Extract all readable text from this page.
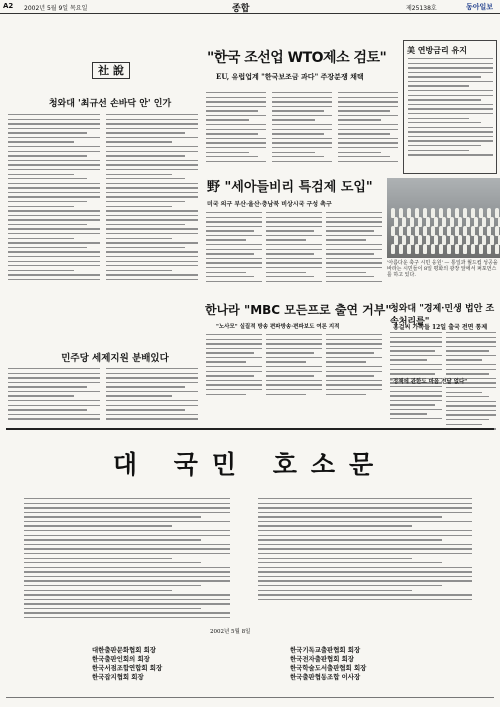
A2 2002년 5월 9일 목요일	종합	제25138호	동아일보
社 說
청와대 '최규선 손바닥 안' 인가
민주당 세제지원 분배있다
"한국 조선업 WTO제소 검토"
EU, 유럽업계 "한국보조금 과다" 주장분쟁 채택
美 연방금리 유지
野 "세아들비리 특검제 도입"
미국 의구 부산·울산·충남북 비상시국 구성 촉구
'아름다운 축구 시민 응원' — 통일과 월드컵 성공을 바라는 시민들이 8일 평화의 광장 앞에서 퍼포먼스를 하고 있다.
한나라 "MBC 모든프로 출연 거부"
"노사모" 실질적 방송 편파방송·편파보도 여론 지적
청와대 "경제·민생 법안 조속처리를"
홍걸씨 가족들 12일 출국 전면 통제
"정책에 관한도 마음 전달 없다"
대 국민 호소문
2002년 5월 8일
대한출판문화협회 회장
한국출판인회의 회장
한국서점조합연합회 회장
한국잡지협회 회장
한국기독교출판협회 회장
한국전자출판협회 회장
한국학술도서출판협회 회장
한국출판협동조합 이사장
